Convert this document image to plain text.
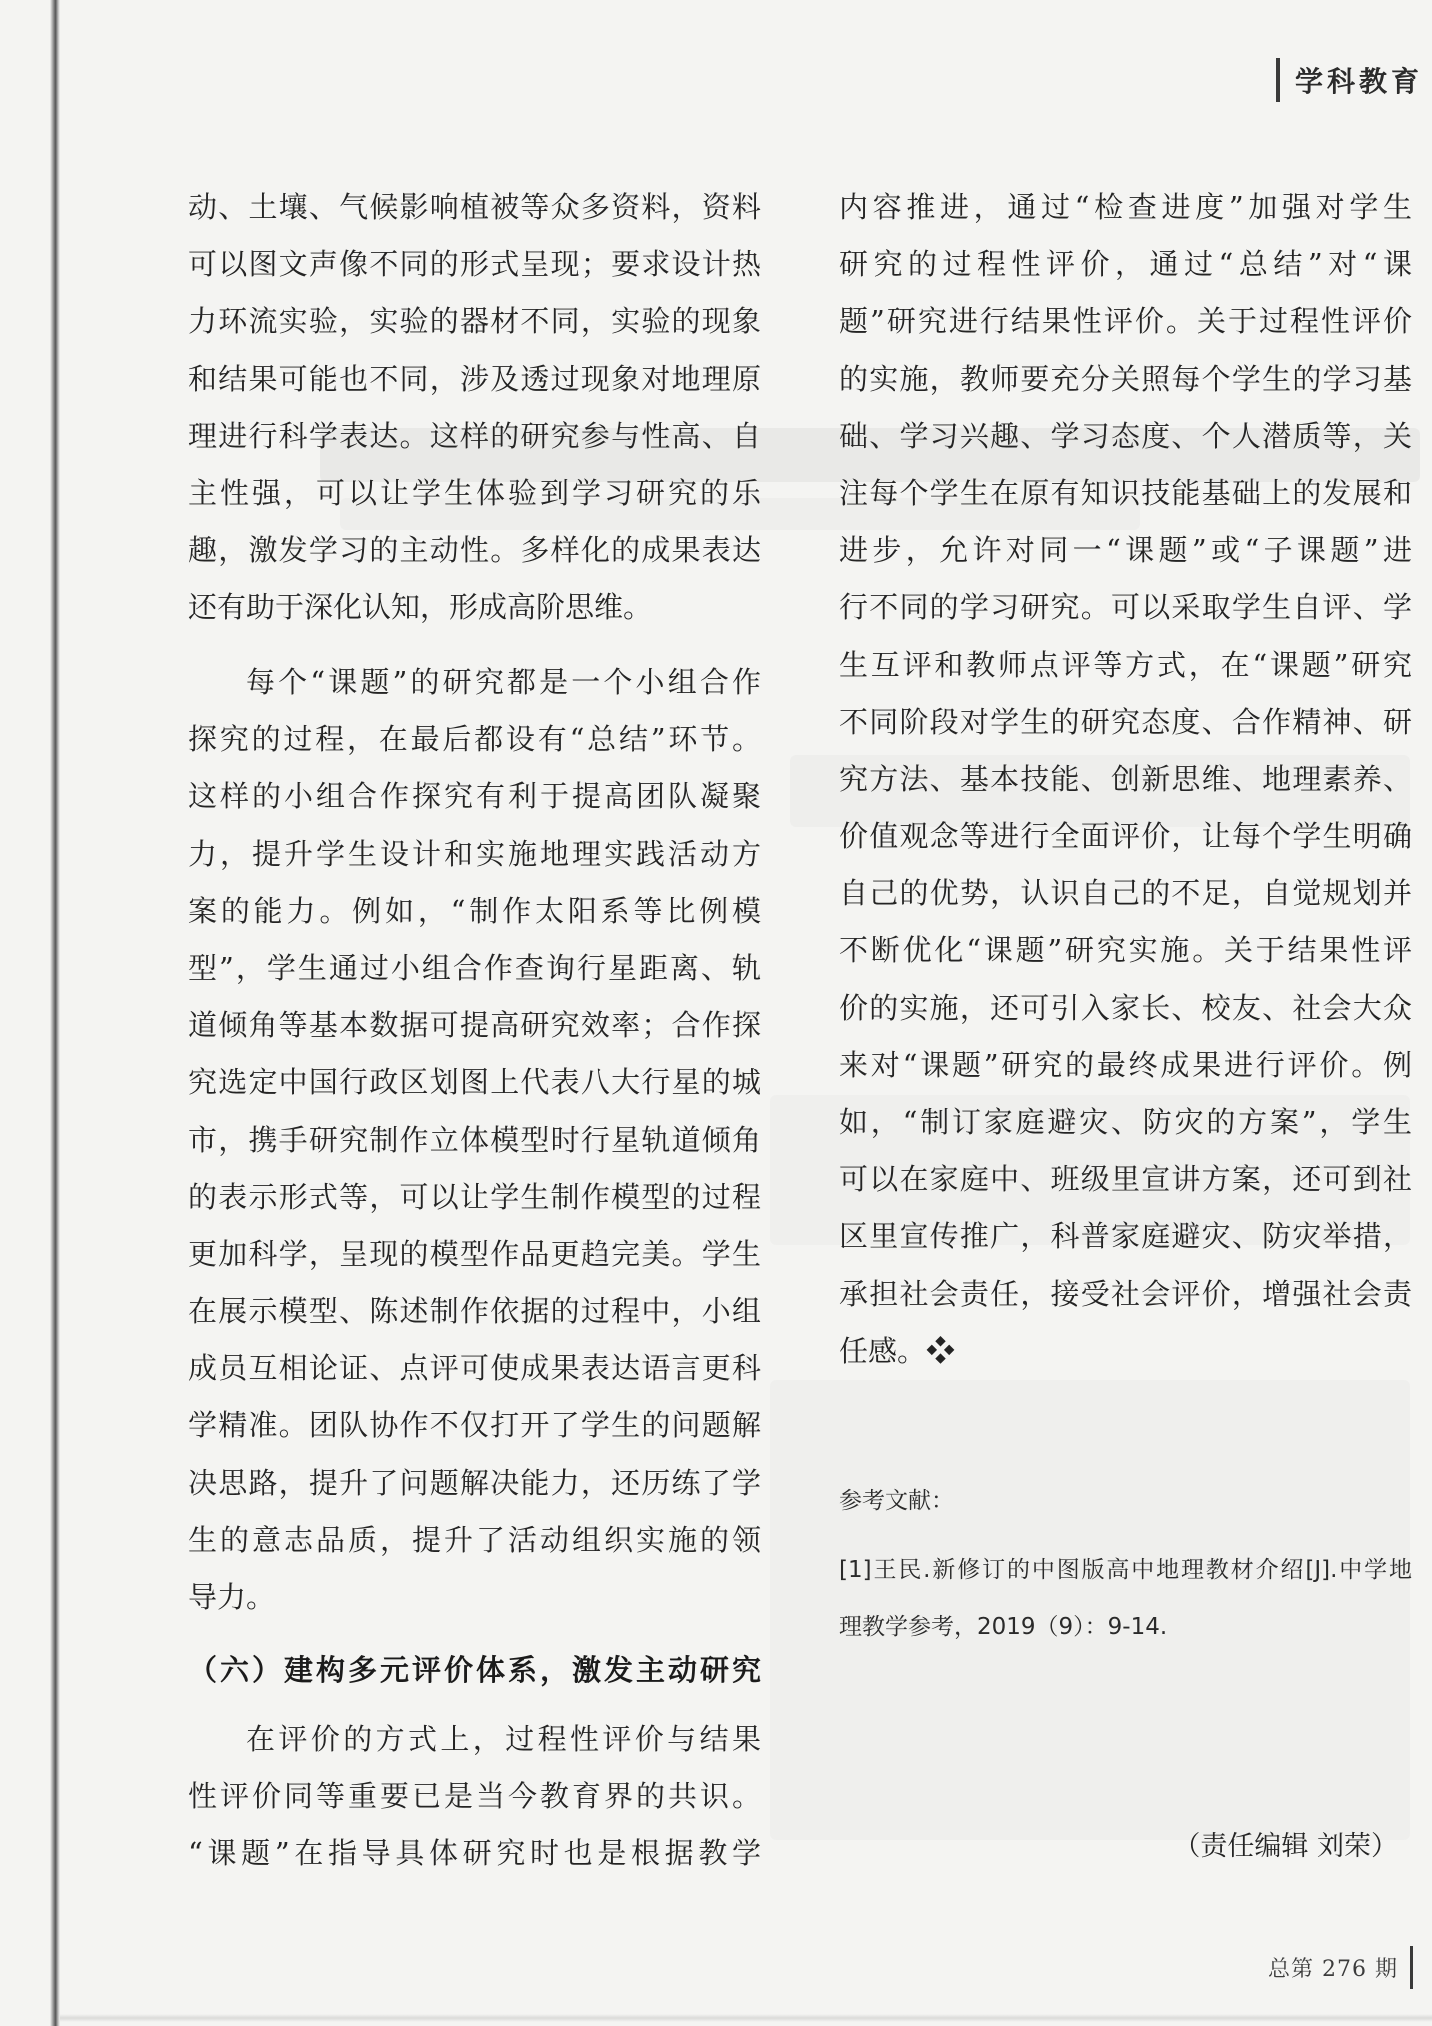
学科教育
动、土壤、气候影响植被等众多资料，资料
可以图文声像不同的形式呈现；要求设计热
力环流实验，实验的器材不同，实验的现象
和结果可能也不同，涉及透过现象对地理原
理进行科学表达。这样的研究参与性高、自
主性强，可以让学生体验到学习研究的乐
趣，激发学习的主动性。多样化的成果表达
还有助于深化认知，形成高阶思维。
每个“课题”的研究都是一个小组合作
探究的过程，在最后都设有“总结”环节。
这样的小组合作探究有利于提高团队凝聚
力，提升学生设计和实施地理实践活动方
案的能力。例如，“制作太阳系等比例模
型”，学生通过小组合作查询行星距离、轨
道倾角等基本数据可提高研究效率；合作探
究选定中国行政区划图上代表八大行星的城
市，携手研究制作立体模型时行星轨道倾角
的表示形式等，可以让学生制作模型的过程
更加科学，呈现的模型作品更趋完美。学生
在展示模型、陈述制作依据的过程中，小组
成员互相论证、点评可使成果表达语言更科
学精准。团队协作不仅打开了学生的问题解
决思路，提升了问题解决能力，还历练了学
生的意志品质，提升了活动组织实施的领
导力。
（六）建构多元评价体系，激发主动研究
在评价的方式上，过程性评价与结果
性评价同等重要已是当今教育界的共识。
“课题”在指导具体研究时也是根据教学
内容推进，通过“检查进度”加强对学生
研究的过程性评价，通过“总结”对“课
题”研究进行结果性评价。关于过程性评价
的实施，教师要充分关照每个学生的学习基
础、学习兴趣、学习态度、个人潜质等，关
注每个学生在原有知识技能基础上的发展和
进步，允许对同一“课题”或“子课题”进
行不同的学习研究。可以采取学生自评、学
生互评和教师点评等方式，在“课题”研究
不同阶段对学生的研究态度、合作精神、研
究方法、基本技能、创新思维、地理素养、
价值观念等进行全面评价，让每个学生明确
自己的优势，认识自己的不足，自觉规划并
不断优化“课题”研究实施。关于结果性评
价的实施，还可引入家长、校友、社会大众
来对“课题”研究的最终成果进行评价。例
如，“制订家庭避灾、防灾的方案”，学生
可以在家庭中、班级里宣讲方案，还可到社
区里宣传推广，科普家庭避灾、防灾举措，
承担社会责任，接受社会评价，增强社会责
任感。❖
参考文献：
[1]王民.新修订的中图版高中地理教材介绍[J].中学地
理教学参考，2019（9）：9-14.
（责任编辑 刘荣）
总第 276 期
